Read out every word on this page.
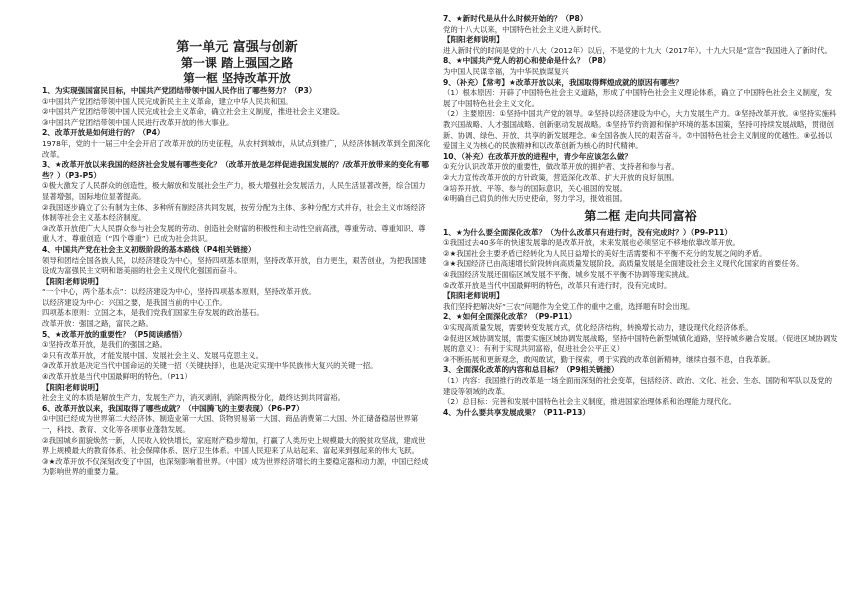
第一单元 富强与创新
第一课 踏上强国之路
第一框 坚持改革开放
1、为实现强国富民目标，中国共产党团结带领中国人民作出了哪些努力？（P3）
①中国共产党团结带领中国人民完成新民主主义革命，建立中华人民共和国。
②中国共产党团结带领中国人民完成社会主义革命，确立社会主义制度，推进社会主义建设。
③中国共产党团结带领中国人民进行改革开放的伟大事业。
2、改革开放是如何进行的？（P4）
1978年，党的十一届三中全会开启了改革开放的历史征程，从农村到城市，从试点到推广，从经济体制改革到全面深化改革。
3、★改革开放以来我国的经济社会发展有哪些变化？（改革开放是怎样促进我国发展的？/改革开放带来的变化有哪些？）（P3-P5）
①极大激发了人民群众的创造性，极大解放和发展社会生产力，极大增强社会发展活力，人民生活显著改善，综合国力显著增强，国际地位显著提高。
②我国逐步确立了公有制为主体、多种所有制经济共同发展，按劳分配为主体、多种分配方式并存，社会主义市场经济体制等社会主义基本经济制度。
③改革开放使广大人民群众参与社会发展的劳动、创造社会财富的积极性和主动性空前高涨，尊重劳动、尊重知识、尊重人才、尊重创造（“四个尊重”）已成为社会共识。
4、中国共产党在社会主义初级阶段的基本路线（P4相关链接）
领导和团结全国各族人民，以经济建设为中心，坚持四项基本原则，坚持改革开放，自力更生，艰苦创业，为把我国建设成为富强民主文明和谐美丽的社会主义现代化强国而奋斗。
【阳阳老师说明】
“一个中心，两个基本点”：以经济建设为中心，坚持四项基本原则，坚持改革开放。
以经济建设为中心：兴国之要，是我国当前的中心工作。
四项基本原则：立国之本，是我们党我们国家生存发展的政治基石。
改革开放：强国之路，富民之路。
5、★改革开放的重要性？（P5阅读感悟）
①坚持改革开放，是我们的强国之路。
②只有改革开放，才能发展中国、发展社会主义、发展马克思主义。
③改革开放是决定当代中国命运的关键一招（关键抉择），也是决定实现中华民族伟大复兴的关键一招。
④改革开放是当代中国最鲜明的特色。（P11）
【阳阳老师说明】
社会主义的本质是解放生产力，发展生产力，消灭剥削，消除两极分化，最终达到共同富裕。
6、改革开放以来，我国取得了哪些成就？（中国腾飞的主要表现）（P6-P7）
①中国已经成为世界第二大经济体、制造业第一大国、货物贸易第一大国、商品消费第二大国、外汇储备稳居世界第一，科技、教育、文化等各项事业蓬勃发展。
②我国城乡面貌焕然一新，人民收入较快增长，家庭财产稳步增加，打赢了人类历史上规模最大的脱贫攻坚战，建成世界上规模最大的教育体系、社会保障体系、医疗卫生体系。中国人民迎来了从站起来、富起来到强起来的伟大飞跃。
③★改革开放不仅深刻改变了中国，也深刻影响着世界。（中国）成为世界经济增长的主要稳定器和动力源，中国已经成为影响世界的重要力量。
7、★新时代是从什么时候开始的？（P8）
党的十八大以来，中国特色社会主义进入新时代。
【阳阳老师说明】
进入新时代的时间是党的十八大（2012年）以后，不是党的十九大（2017年）。十九大只是“宣告”我国进入了新时代。
8、★中国共产党人的初心和使命是什么？（P8）
为中国人民谋幸福，为中华民族谋复兴
9、（补充）【常考】★改革开放以来，我国取得辉煌成就的原因有哪些？
（1）根本原因：开辟了中国特色社会主义道路，形成了中国特色社会主义理论体系，确立了中国特色社会主义制度，发展了中国特色社会主义文化。
（2）主要原因：①坚持中国共产党的领导。②坚持以经济建设为中心，大力发展生产力。③坚持改革开放。④坚持实施科教兴国战略、人才强国战略、创新驱动发展战略。⑤坚持节约资源和保护环境的基本国策，坚持可持续发展战略，贯彻创新、协调、绿色、开放、共享的新发展理念。⑥全国各族人民的艰苦奋斗。⑦中国特色社会主义制度的优越性。⑧弘扬以爱国主义为核心的民族精神和以改革创新为核心的时代精神。
10、（补充）在改革开放的进程中，青少年应该怎么做？
①充分认识改革开放的重要性，做改革开放的拥护者、支持者和参与者。
②大力宣传改革开放的方针政策，营造深化改革、扩大开放的良好氛围。
③培养开放、平等、参与的国际意识，关心祖国的发展。
④明确自己肩负的伟大历史使命，努力学习，报效祖国。
第二框 走向共同富裕
1、★为什么要全面深化改革？（为什么改革只有进行时，没有完成时？）（P9-P11）
①我国过去40多年的快速发展靠的是改革开放，未来发展也必须坚定不移地依靠改革开放。
②★我国社会主要矛盾已经转化为人民日益增长的美好生活需要和不平衡不充分的发展之间的矛盾。
③★我国经济已由高速增长阶段转向高质量发展阶段。高质量发展是全面建设社会主义现代化国家的首要任务。
④我国经济发展还面临区域发展不平衡、城乡发展不平衡不协调等现实挑战。
⑤改革开放是当代中国最鲜明的特色，改革只有进行时，没有完成时。
【阳阳老师说明】
我们坚持把解决好“三农”问题作为全党工作的重中之重，选择题有时会出现。
2、★如何全面深化改革？（P9-P11）
①实现高质量发展，需要转变发展方式，优化经济结构，转换增长动力，建设现代化经济体系。
②促进区域协调发展，需要实施区域协调发展战略，坚持中国特色新型城镇化道路，坚持城乡融合发展。（促进区域协调发展的意义）：有利于实现共同富裕，促进社会公平正义）
③不断拓展和更新观念，敢闯敢试，勤于探索，勇于实践的改革创新精神，继续自强不息，自我革新。
3、全面深化改革的内容和总目标？（P9相关链接）
（1）内容：我国推行的改革是一场全面而深刻的社会变革，包括经济、政治、文化、社会、生态、国防和军队以及党的建设等领域的改革。
（2）总目标：完善和发展中国特色社会主义制度，推进国家治理体系和治理能力现代化。
4、为什么要共享发展成果？（P11-P13）
